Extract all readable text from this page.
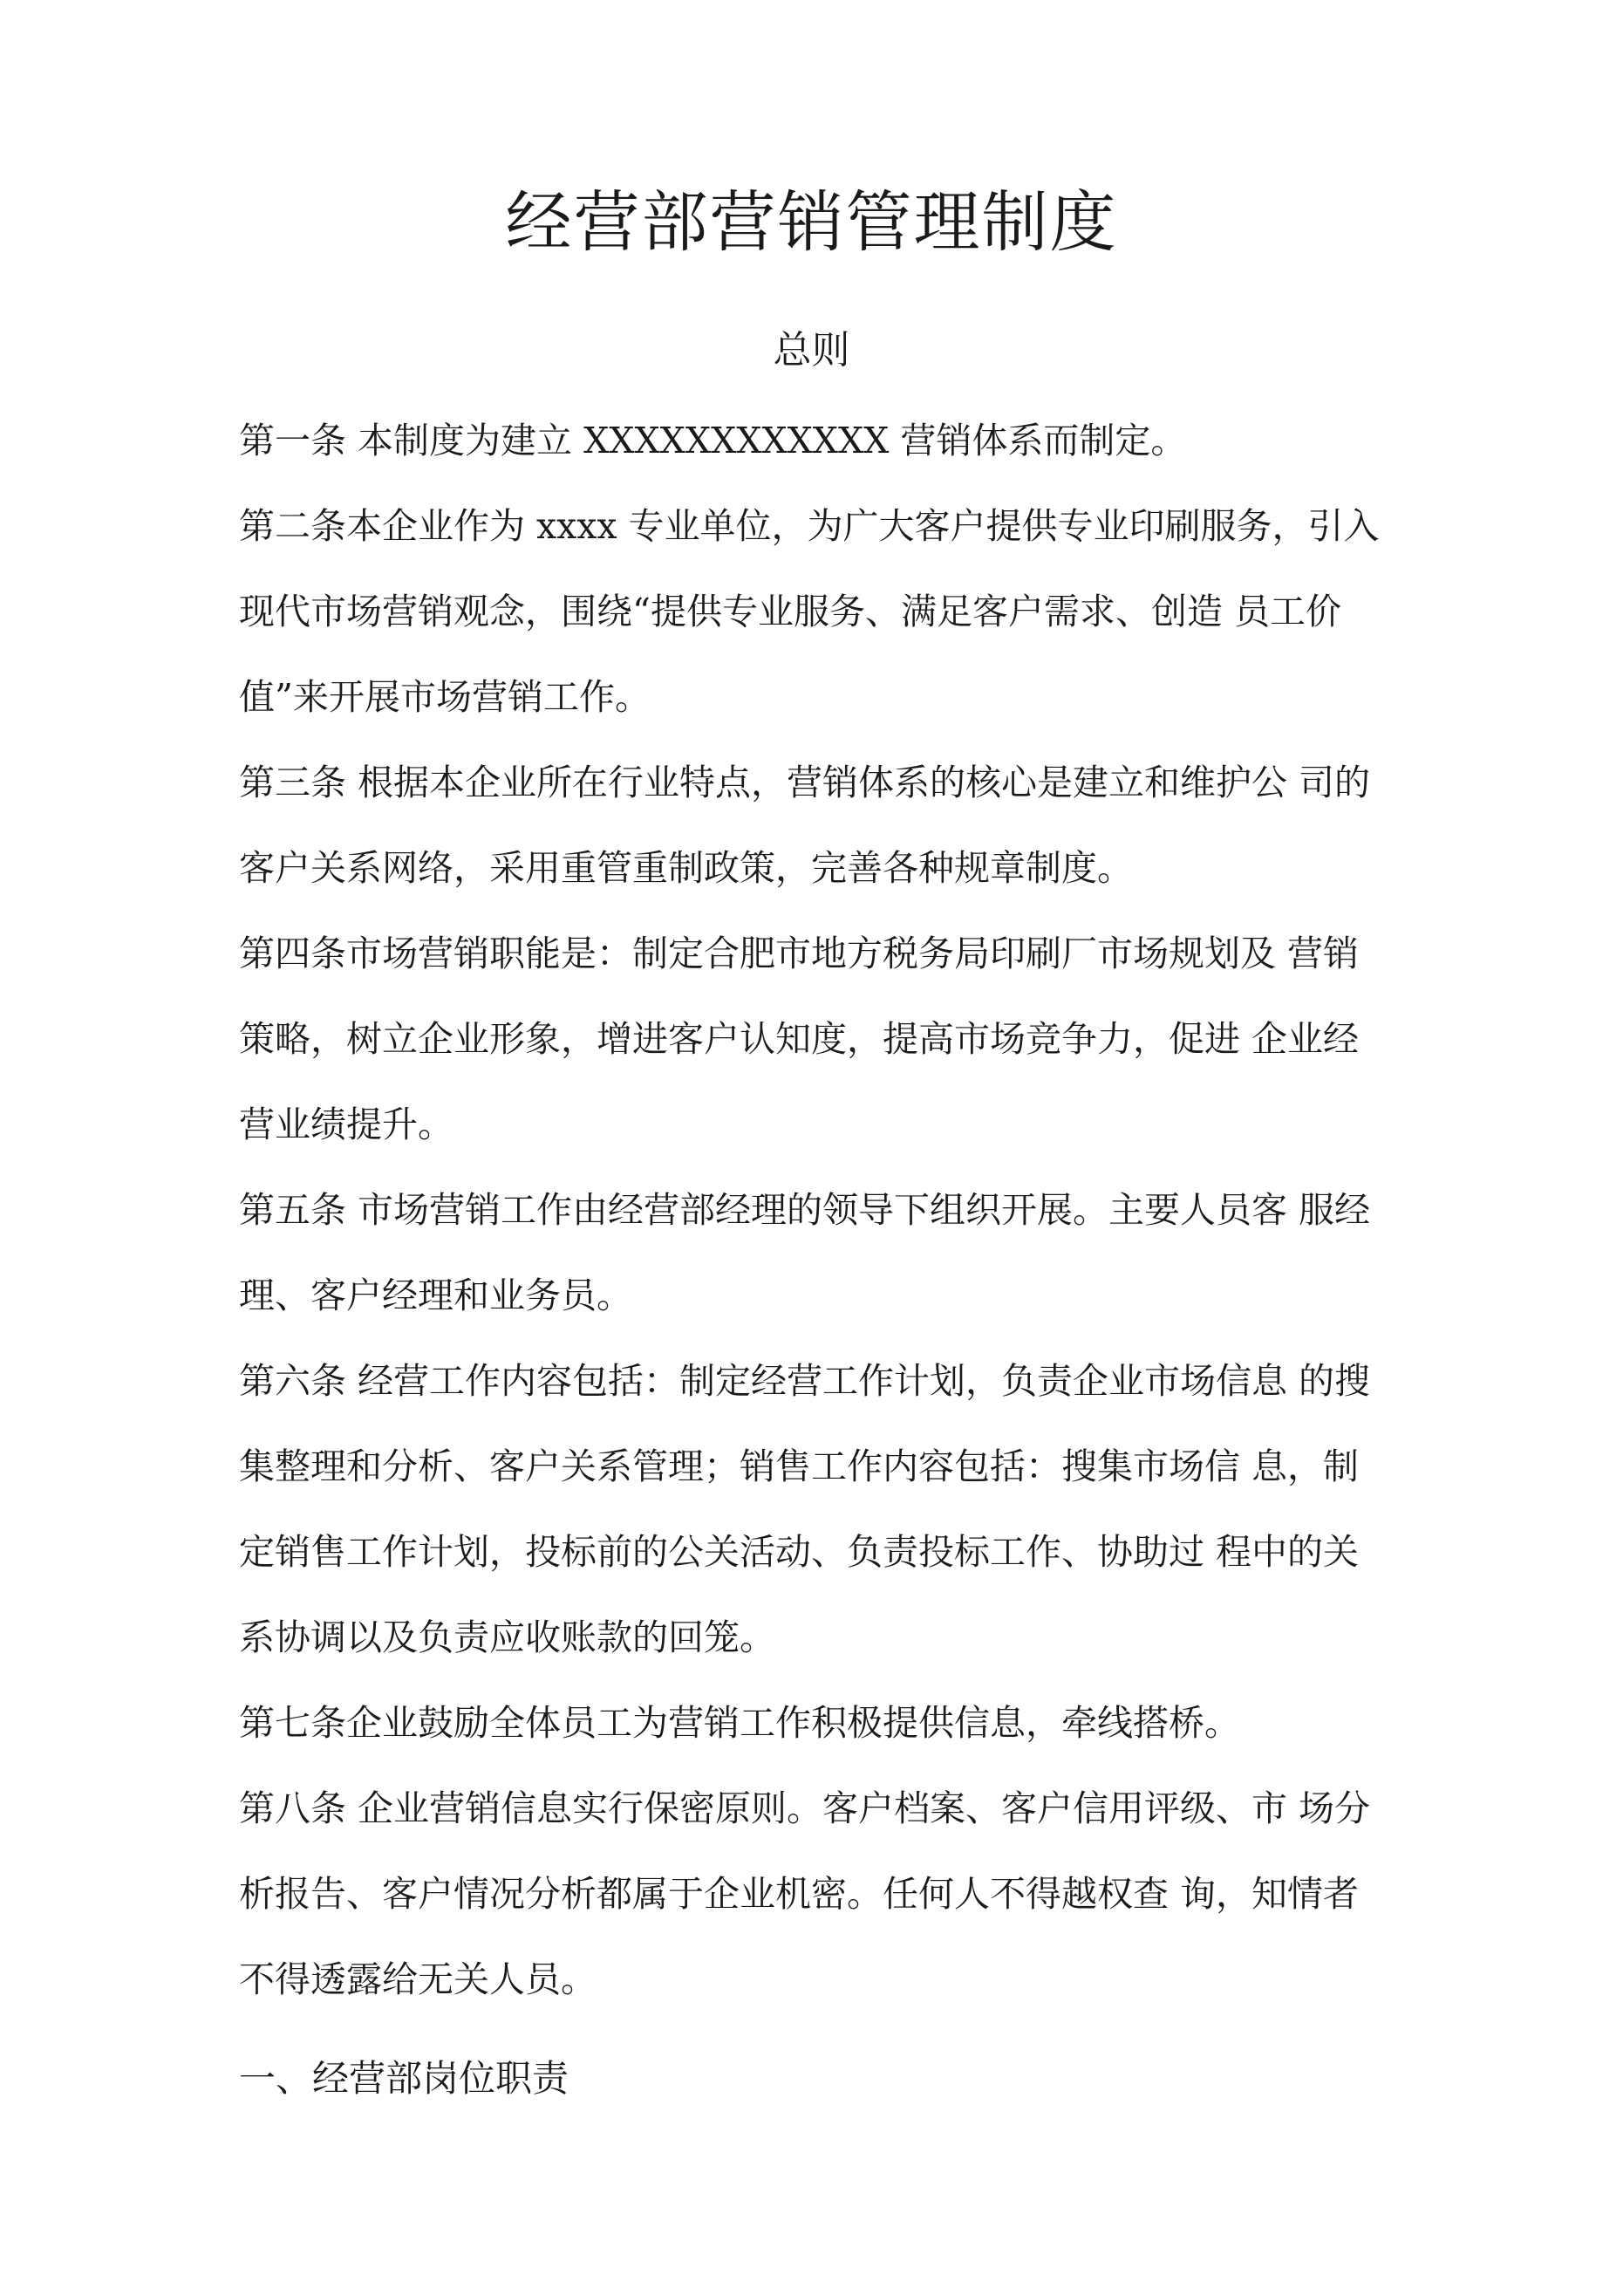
经营部营销管理制度
总则

第一条 本制度为建立 XXXXXXXXXXXX 营销体系而制定。

第二条本企业作为 xxxx 专业单位，为广大客户提供专业印刷服务，引入
现代市场营销观念，围绕“提供专业服务、满足客户需求、创造 员工价
值”来开展市场营销工作。

第三条 根据本企业所在行业特点，营销体系的核心是建立和维护公 司的
客户关系网络，采用重管重制政策，完善各种规章制度。

第四条市场营销职能是：制定合肥市地方税务局印刷厂市场规划及 营销
策略，树立企业形象，增进客户认知度，提高市场竞争力，促进 企业经
营业绩提升。

第五条 市场营销工作由经营部经理的领导下组织开展。主要人员客 服经
理、客户经理和业务员。

第六条 经营工作内容包括：制定经营工作计划，负责企业市场信息 的搜
集整理和分析、客户关系管理；销售工作内容包括：搜集市场信 息，制
定销售工作计划，投标前的公关活动、负责投标工作、协助过 程中的关
系协调以及负责应收账款的回笼。

第七条企业鼓励全体员工为营销工作积极提供信息，牵线搭桥。

第八条 企业营销信息实行保密原则。客户档案、客户信用评级、市 场分
析报告、客户情况分析都属于企业机密。任何人不得越权查 询，知情者
不得透露给无关人员。

一、经营部岗位职责
